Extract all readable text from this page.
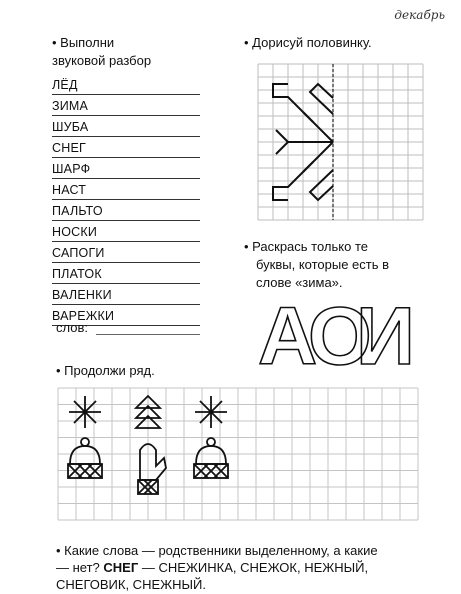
декабрь
• Выполни
звуковой разбор
ЛЁД
ЗИМА
ШУБА
СНЕГ
ШАРФ
НАСТ
ПАЛЬТО
НОСКИ
САПОГИ
ПЛАТОК
ВАЛЕНКИ
ВАРЕЖКИ
слов:
• Дорисуй половинку.
• Раскрась только те
буквы, которые есть в
слове «зима».
А
О
И
• Продолжи ряд.
• Какие слова — родственники выделенному, а какие
— нет? СНЕГ — СНЕЖИНКА, СНЕЖОК, НЕЖНЫЙ,
СНЕГОВИК, СНЕЖНЫЙ.
